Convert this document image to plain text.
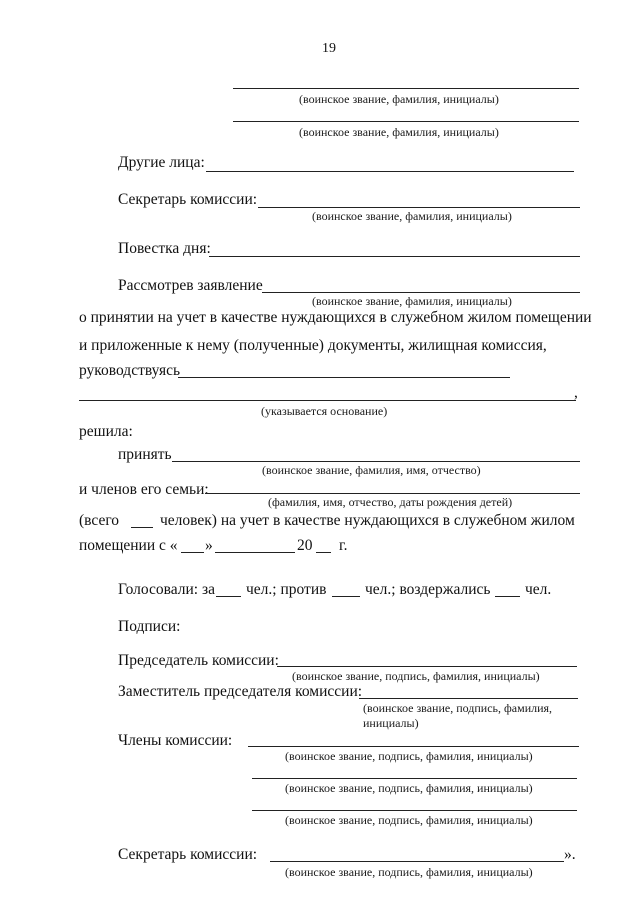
19
(воинское звание, фамилия, инициалы)
(воинское звание, фамилия, инициалы)
Другие лица:
Секретарь комиссии:
(воинское звание, фамилия, инициалы)
Повестка дня:
Рассмотрев заявление
(воинское звание, фамилия, инициалы)
о принятии на учет в качестве нуждающихся в служебном жилом помещении
и приложенные к нему (полученные) документы, жилищная комиссия,
руководствуясь
,
(указывается основание)
решила:
принять
(воинское звание, фамилия, имя, отчество)
и членов его семьи:
(фамилия, имя, отчество, даты рождения детей)
(всего	человек) на учет в качестве нуждающихся в служебном жилом
помещении с « »	20 г.
Голосовали: за чел.; против чел.; воздержались чел.
Подписи:
Председатель комиссии:
(воинское звание, подпись, фамилия, инициалы)
Заместитель председателя комиссии:
(воинское звание, подпись, фамилия,
инициалы)
Члены комиссии:
(воинское звание, подпись, фамилия, инициалы)
(воинское звание, подпись, фамилия, инициалы)
(воинское звание, подпись, фамилия, инициалы)
Секретарь комиссии:	».
(воинское звание, подпись, фамилия, инициалы)
